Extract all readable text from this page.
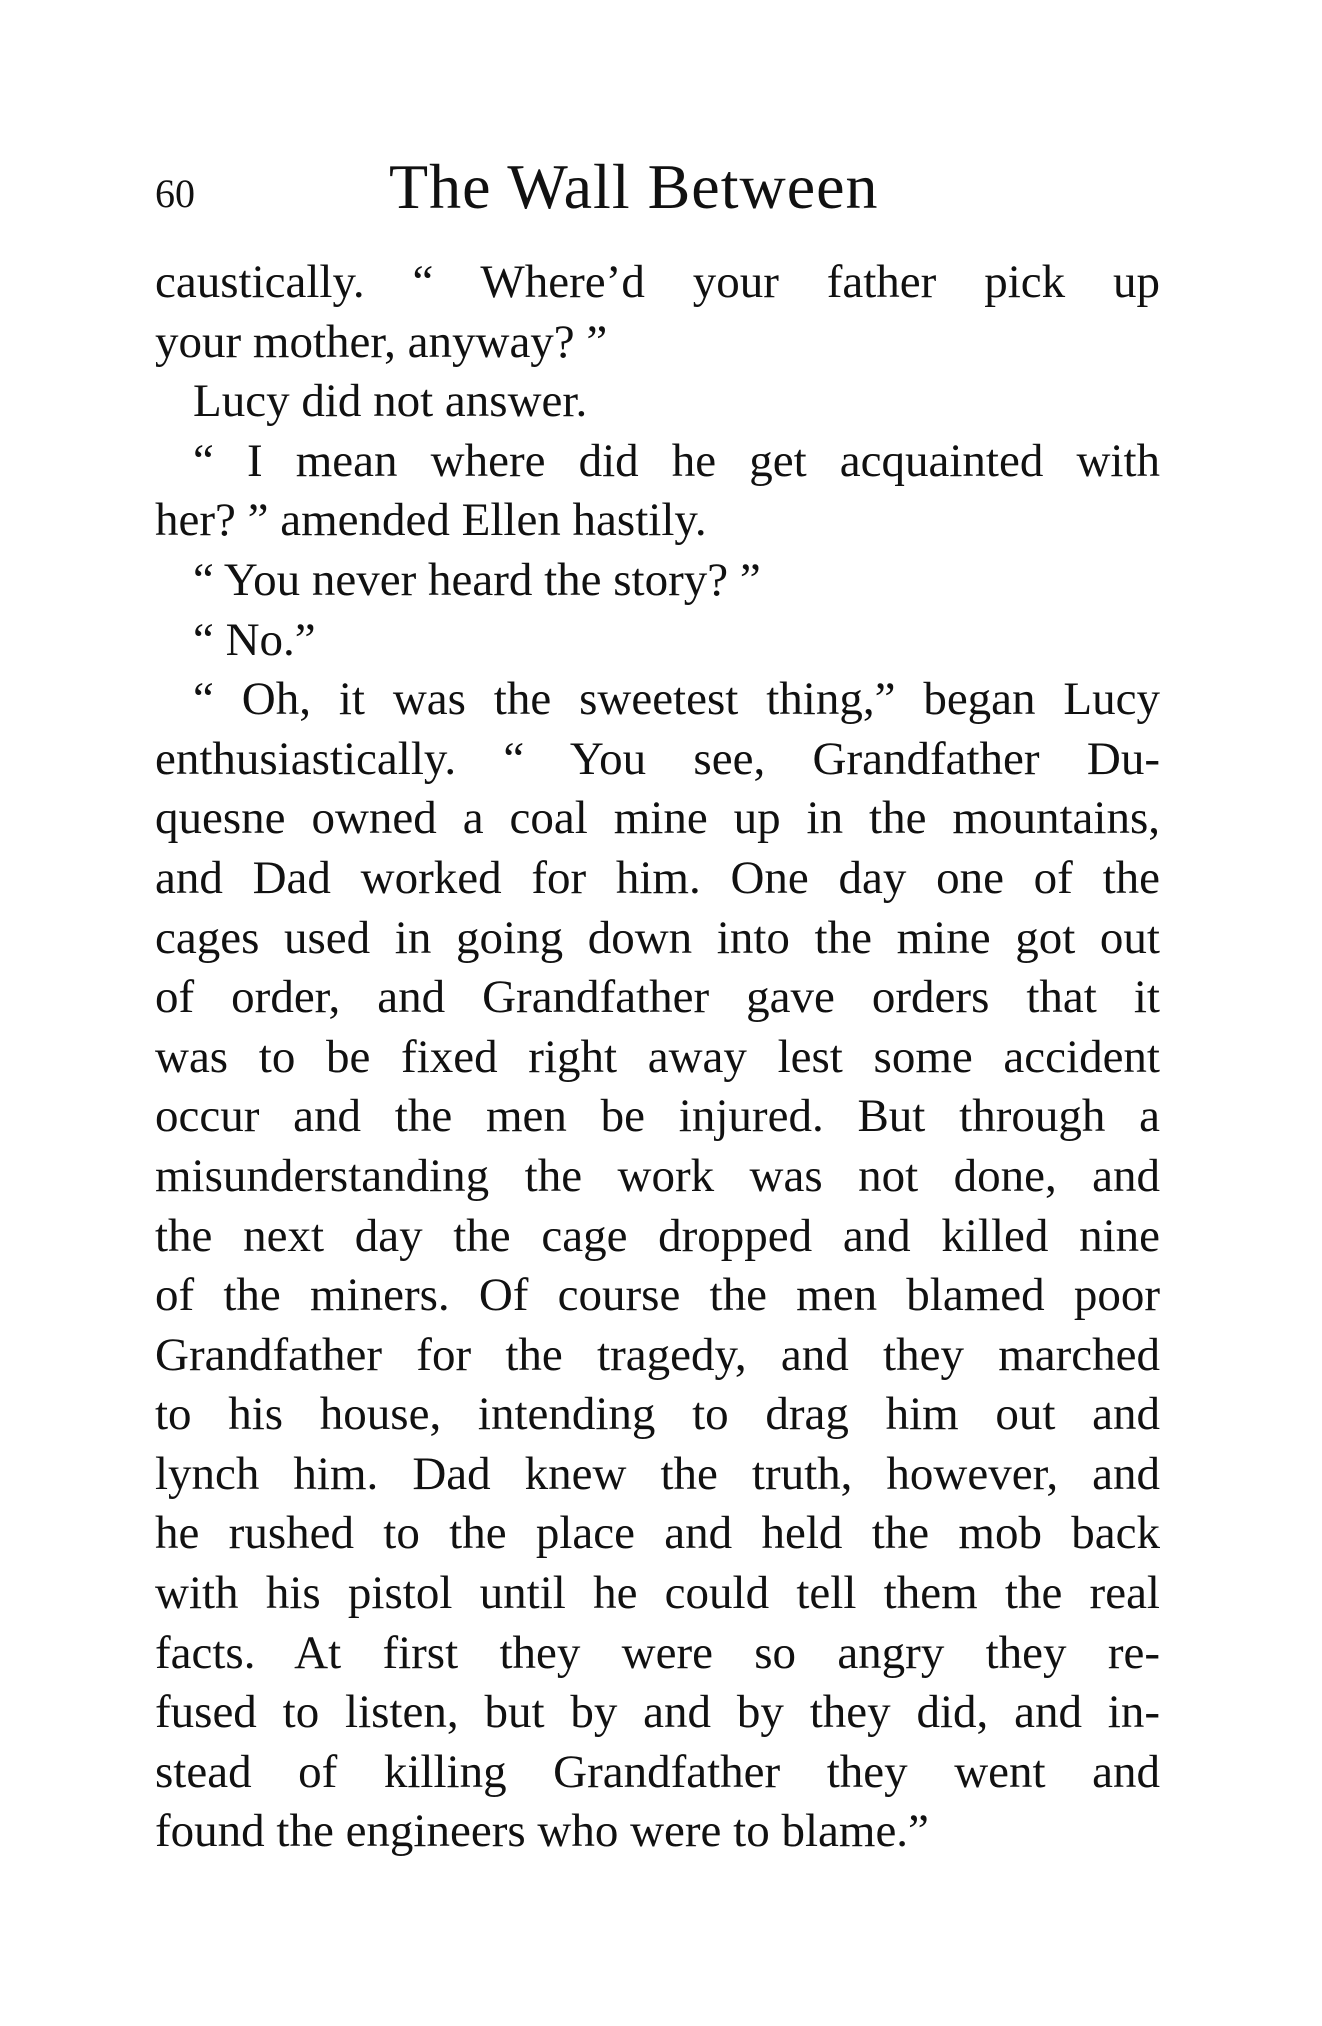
60	The Wall Between
caustically. “ Where’d your father pick up
your mother, anyway? ”
Lucy did not answer.
“ I mean where did he get acquainted with
her? ” amended Ellen hastily.
“ You never heard the story? ”
“ No.”
“ Oh, it was the sweetest thing,” began Lucy
enthusiastically. “ You see, Grandfather Du-
quesne owned a coal mine up in the mountains,
and Dad worked for him. One day one of the
cages used in going down into the mine got out
of order, and Grandfather gave orders that it
was to be fixed right away lest some accident
occur and the men be injured. But through a
misunderstanding the work was not done, and
the next day the cage dropped and killed nine
of the miners. Of course the men blamed poor
Grandfather for the tragedy, and they marched
to his house, intending to drag him out and
lynch him. Dad knew the truth, however, and
he rushed to the place and held the mob back
with his pistol until he could tell them the real
facts. At first they were so angry they re-
fused to listen, but by and by they did, and in-
stead of killing Grandfather they went and
found the engineers who were to blame.”
